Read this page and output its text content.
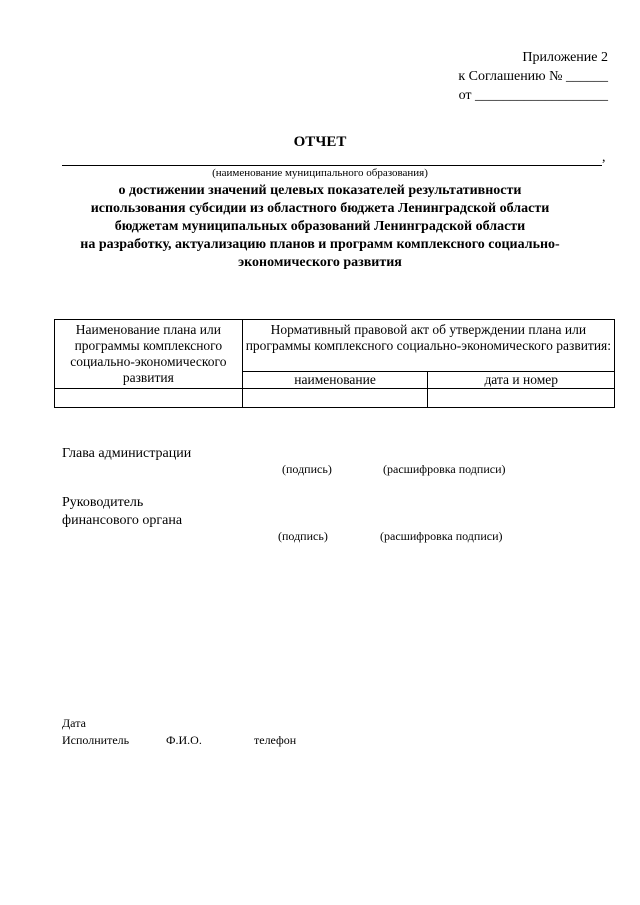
Приложение 2
к Соглашению № ______
от ___________________
ОТЧЕТ
,
(наименование муниципального образования)
о достижении значений целевых показателей результативности
использования субсидии из областного бюджета Ленинградской области
бюджетам муниципальных образований Ленинградской области
на разработку, актуализацию планов и программ комплексного социально-
экономического развития
Наименование плана или программы комплексного социально-экономического развития	Нормативный правовой акт об утверждении плана или программы комплексного социально-экономического развития:	
	наименование	дата и номер

Глава администрации
(подпись)	(расшифровка подписи)
Руководитель
финансового органа
(подпись)	(расшифровка подписи)
Дата
Исполнитель	Ф.И.О.	телефон
